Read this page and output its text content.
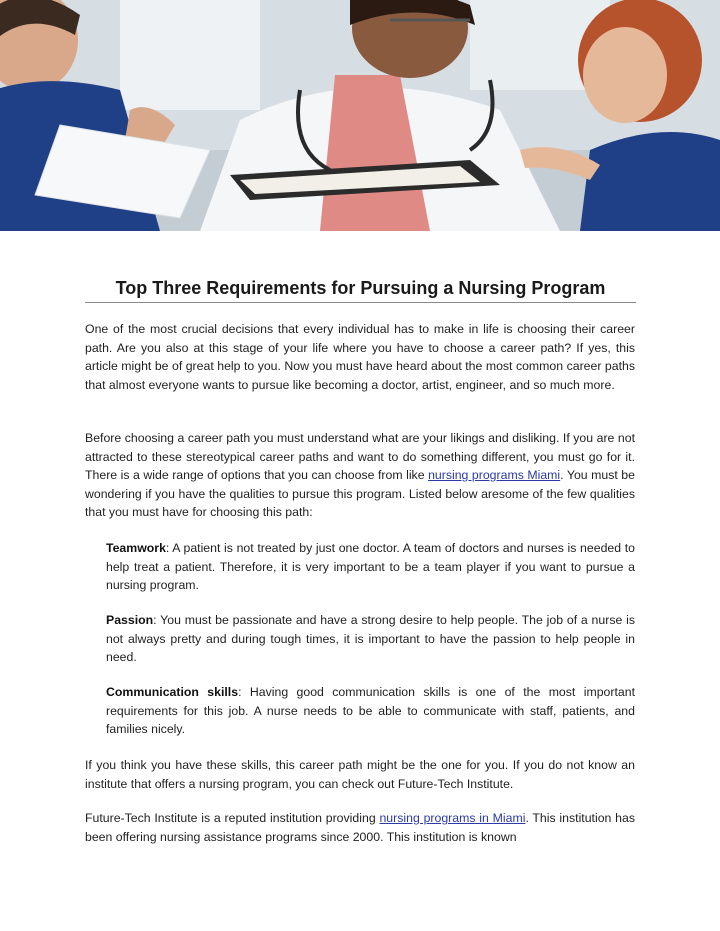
Top Three Requirements for Pursuing a Nursing Program

One of the most crucial decisions that every individual has to make in life is choosing their career path. Are you also at this stage of your life where you have to choose a career path? If yes, this article might be of great help to you. Now you must have heard about the most common career paths that almost everyone wants to pursue like becoming a doctor, artist, engineer, and so much more.

Before choosing a career path you must understand what are your likings and disliking. If you are not attracted to these stereotypical career paths and want to do something different, you must go for it. There is a wide range of options that you can choose from like nursing programs Miami. You must be wondering if you have the qualities to pursue this program. Listed below aresome of the few qualities that you must have for choosing this path:

Teamwork: A patient is not treated by just one doctor. A team of doctors and nurses is needed to help treat a patient. Therefore, it is very important to be a team player if you want to pursue a nursing program.

Passion: You must be passionate and have a strong desire to help people. The job of a nurse is not always pretty and during tough times, it is important to have the passion to help people in need.

Communication skills: Having good communication skills is one of the most important requirements for this job. A nurse needs to be able to communicate with staff, patients, and families nicely.

If you think you have these skills, this career path might be the one for you. If you do not know an institute that offers a nursing program, you can check out Future-Tech Institute.

Future-Tech Institute is a reputed institution providing nursing programs in Miami. This institution has been offering nursing assistance programs since 2000. This institution is known
